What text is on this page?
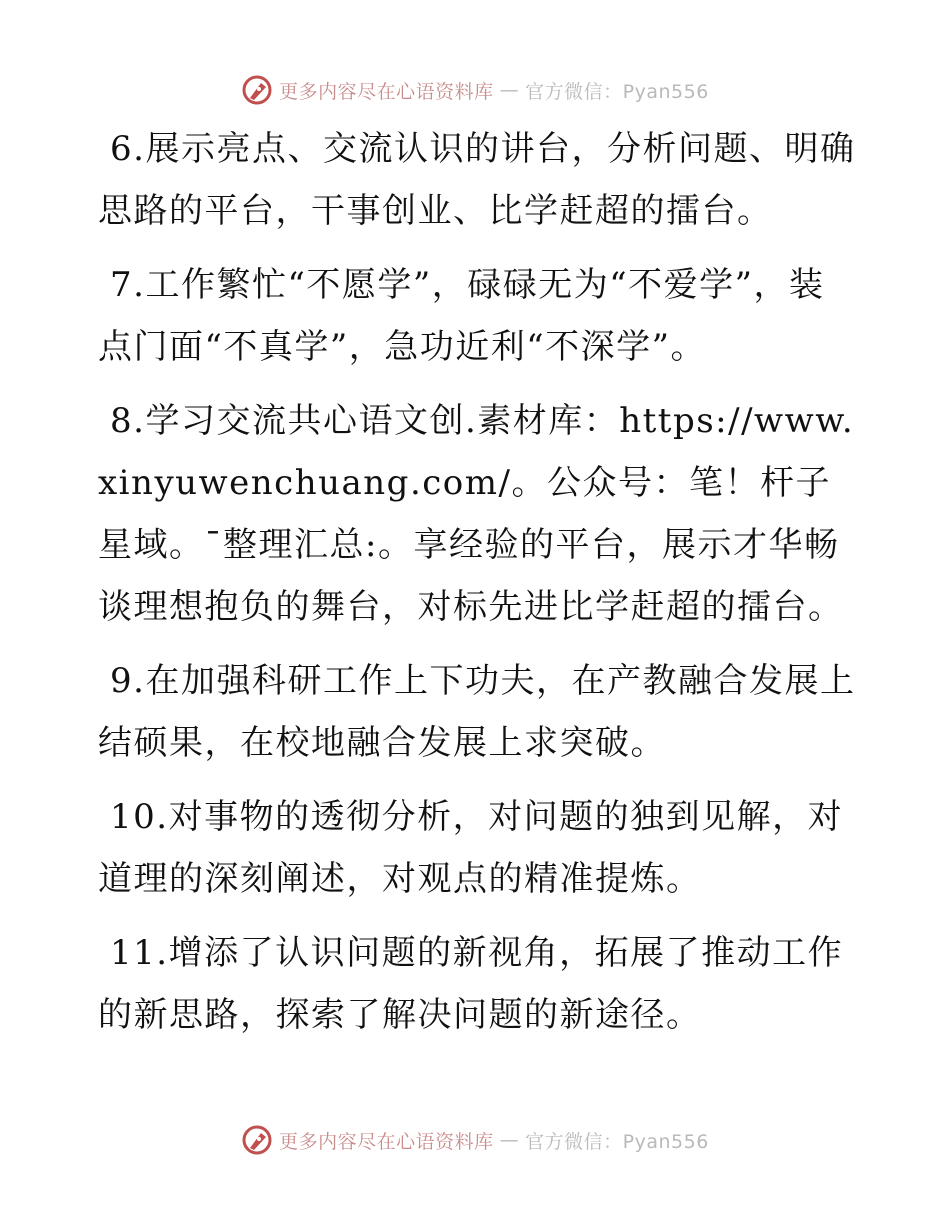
更多内容尽在心语资料库 — 官方微信：Pyan556

6.展示亮点、交流认识的讲台，分析问题、明确思路的平台，干事创业、比学赶超的擂台。

7.工作繁忙“不愿学”，碌碌无为“不爱学”，装点门面“不真学”，急功近利“不深学”。

8.学习交流共心语文创.素材库：https://www.xinyuwenchuang.com/。公众号：笔！杆子星域。¯整理汇总:。享经验的平台，展示才华畅谈理想抱负的舞台，对标先进比学赶超的擂台。

9.在加强科研工作上下功夫，在产教融合发展上结硕果，在校地融合发展上求突破。

10.对事物的透彻分析，对问题的独到见解，对道理的深刻阐述，对观点的精准提炼。

11.增添了认识问题的新视角，拓展了推动工作的新思路，探索了解决问题的新途径。

更多内容尽在心语资料库 — 官方微信：Pyan556
